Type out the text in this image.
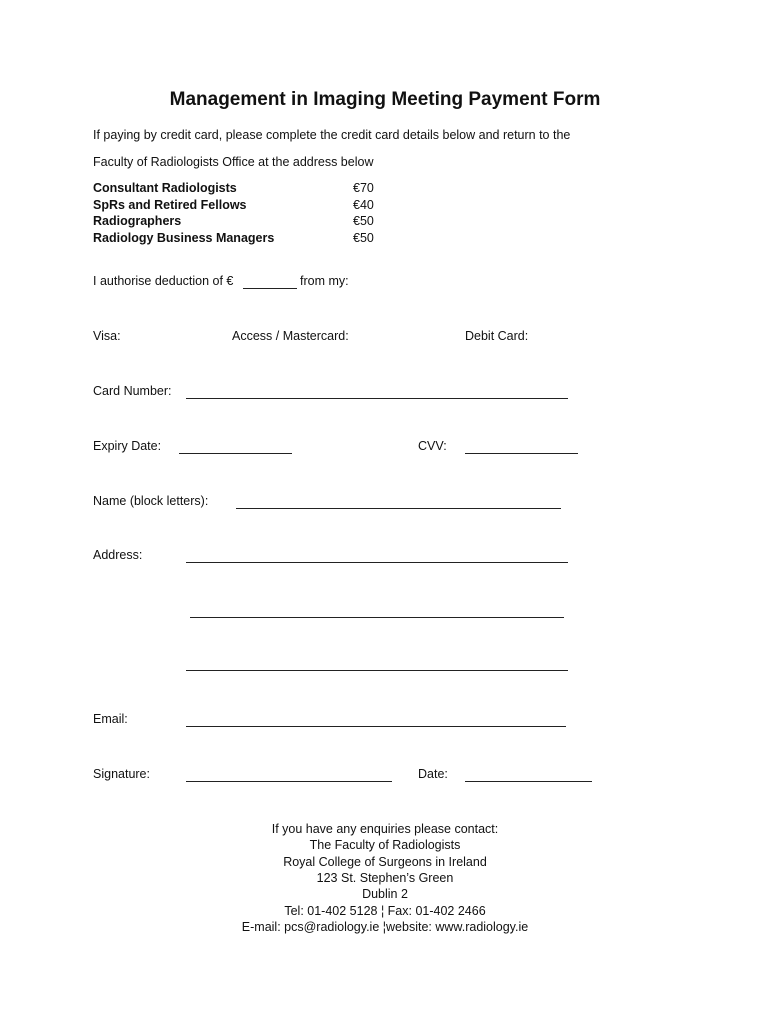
Management in Imaging Meeting Payment Form
If paying by credit card, please complete the credit card details below and return to the
Faculty of Radiologists Office at the address below
Consultant Radiologists	€70
SpRs and Retired Fellows	€40
Radiographers	€50
Radiology Business Managers	€50
I authorise deduction of €	from my:
Visa:	Access / Mastercard:	Debit Card:
Card Number:
Expiry Date:	CVV:
Name (block letters):
Address:
Email:
Signature:	Date:
If you have any enquiries please contact:
The Faculty of Radiologists
Royal College of Surgeons in Ireland
123 St. Stephen’s Green
Dublin 2
Tel: 01-402 5128 ¦ Fax: 01-402 2466
E-mail: pcs@radiology.ie ¦website: www.radiology.ie
